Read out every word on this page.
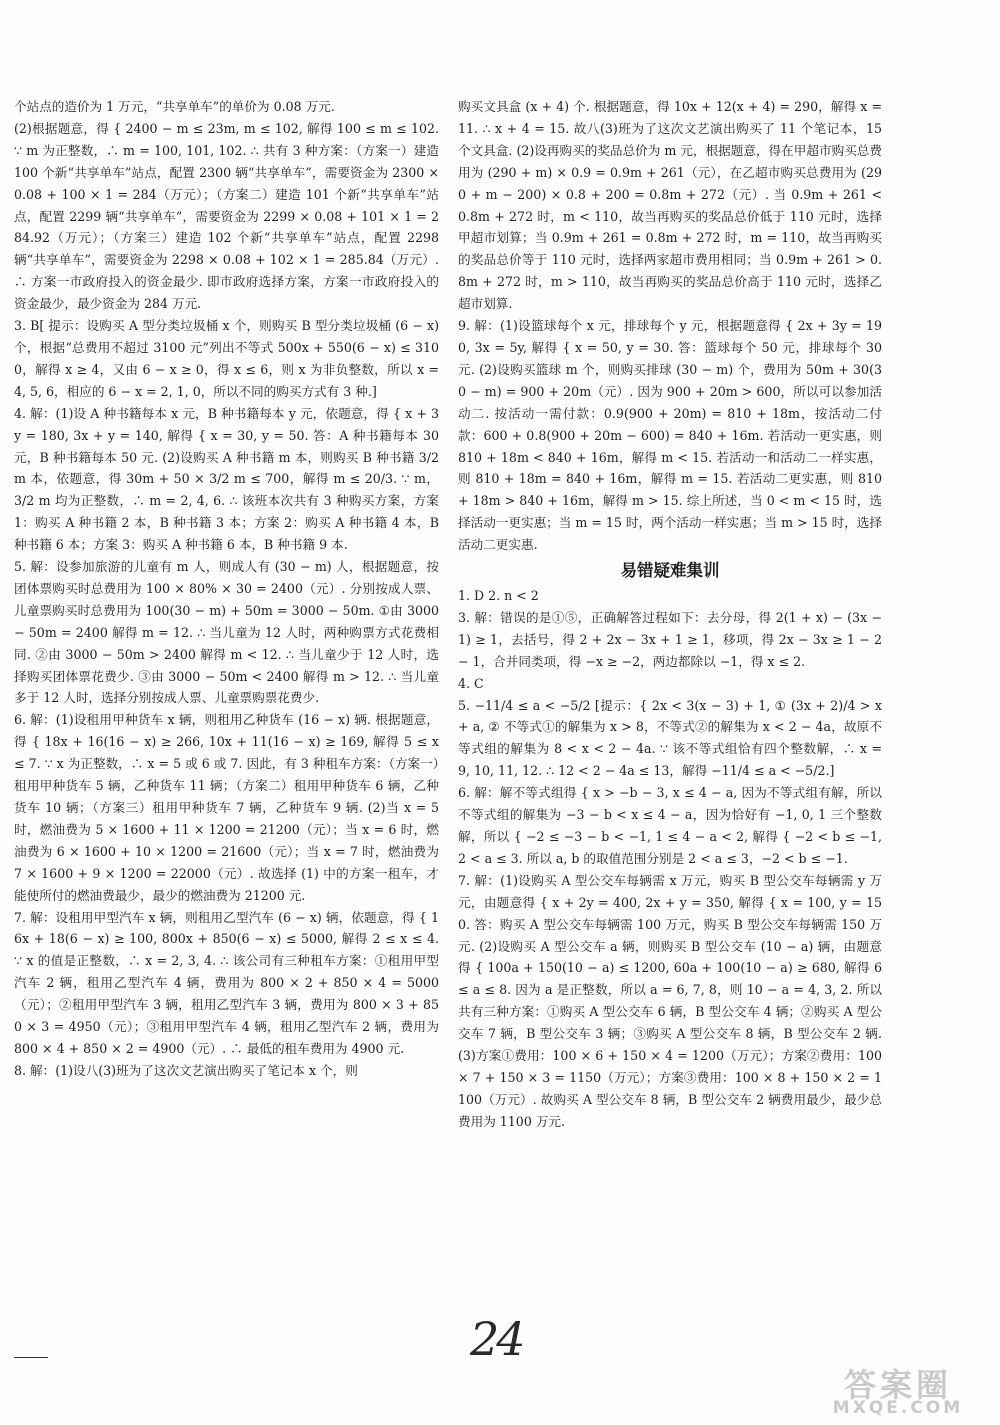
个站点的造价为 1 万元，“共享单车”的单价为 0.08 万元.

(2)根据题意，得 { 2400 − m ≤ 23m, m ≤ 102, 解得 100 ≤ m ≤ 102. ∵ m 为正整数，∴ m = 100, 101, 102. ∴ 共有 3 种方案：（方案一）建造 100 个新“共享单车”站点，配置 2300 辆“共享单车”，需要资金为 2300 × 0.08 + 100 × 1 = 284（万元）；（方案二）建造 101 个新“共享单车”站点，配置 2299 辆“共享单车”，需要资金为 2299 × 0.08 + 101 × 1 = 284.92（万元）；（方案三）建造 102 个新“共享单车”站点，配置 2298 辆“共享单车”，需要资金为 2298 × 0.08 + 102 × 1 = 285.84（万元）. ∴ 方案一市政府投入的资金最少. 即市政府选择方案，方案一市政府投入的资金最少，最少资金为 284 万元.

3. B[ 提示：设购买 A 型分类垃圾桶 x 个，则购买 B 型分类垃圾桶 (6 − x) 个，根据“总费用不超过 3100 元”列出不等式 500x + 550(6 − x) ≤ 3100，解得 x ≥ 4，又由 6 − x ≥ 0，得 x ≤ 6，则 x 为非负整数，所以 x = 4, 5, 6，相应的 6 − x = 2, 1, 0，所以不同的购买方式有 3 种.]

4. 解：(1)设 A 种书籍每本 x 元，B 种书籍每本 y 元，依题意，得 { x + 3y = 180, 3x + y = 140, 解得 { x = 30, y = 50. 答：A 种书籍每本 30 元，B 种书籍每本 50 元. (2)设购买 A 种书籍 m 本，则购买 B 种书籍 3/2 m 本，依题意，得 30m + 50 × 3/2 m ≤ 700，解得 m ≤ 20/3. ∵ m，3/2 m 均为正整数，∴ m = 2, 4, 6. ∴ 该班本次共有 3 种购买方案，方案 1：购买 A 种书籍 2 本，B 种书籍 3 本；方案 2：购买 A 种书籍 4 本，B 种书籍 6 本；方案 3：购买 A 种书籍 6 本，B 种书籍 9 本.

5. 解：设参加旅游的儿童有 m 人，则成人有 (30 − m) 人，根据题意，按团体票购买时总费用为 100 × 80% × 30 = 2400（元）. 分别按成人票、儿童票购买时总费用为 100(30 − m) + 50m = 3000 − 50m. ①由 3000 − 50m = 2400 解得 m = 12. ∴ 当儿童为 12 人时，两种购票方式花费相同. ②由 3000 − 50m > 2400 解得 m < 12. ∴ 当儿童少于 12 人时，选择购买团体票花费少. ③由 3000 − 50m < 2400 解得 m > 12. ∴ 当儿童多于 12 人时，选择分别按成人票、儿童票购票花费少.

6. 解：(1)设租用甲种货车 x 辆，则租用乙种货车 (16 − x) 辆. 根据题意，得 { 18x + 16(16 − x) ≥ 266, 10x + 11(16 − x) ≥ 169, 解得 5 ≤ x ≤ 7. ∵ x 为正整数，∴ x = 5 或 6 或 7. 因此，有 3 种租车方案：（方案一）租用甲种货车 5 辆，乙种货车 11 辆；（方案二）租用甲种货车 6 辆，乙种货车 10 辆；（方案三）租用甲种货车 7 辆，乙种货车 9 辆. (2)当 x = 5 时，燃油费为 5 × 1600 + 11 × 1200 = 21200（元）；当 x = 6 时，燃油费为 6 × 1600 + 10 × 1200 = 21600（元）；当 x = 7 时，燃油费为 7 × 1600 + 9 × 1200 = 22000（元）. 故选择 (1) 中的方案一租车，才能使所付的燃油费最少，最少的燃油费为 21200 元.

7. 解：设租用甲型汽车 x 辆，则租用乙型汽车 (6 − x) 辆，依题意，得 { 16x + 18(6 − x) ≥ 100, 800x + 850(6 − x) ≤ 5000, 解得 2 ≤ x ≤ 4. ∵ x 的值是正整数，∴ x = 2, 3, 4. ∴ 该公司有三种租车方案：①租用甲型汽车 2 辆，租用乙型汽车 4 辆，费用为 800 × 2 + 850 × 4 = 5000（元）；②租用甲型汽车 3 辆，租用乙型汽车 3 辆，费用为 800 × 3 + 850 × 3 = 4950（元）；③租用甲型汽车 4 辆，租用乙型汽车 2 辆，费用为 800 × 4 + 850 × 2 = 4900（元）. ∴ 最低的租车费用为 4900 元.

8. 解：(1)设八(3)班为了这次文艺演出购买了笔记本 x 个，则

购买文具盒 (x + 4) 个. 根据题意，得 10x + 12(x + 4) = 290，解得 x = 11. ∴ x + 4 = 15. 故八(3)班为了这次文艺演出购买了 11 个笔记本，15 个文具盒. (2)设再购买的奖品总价为 m 元，根据题意，得在甲超市购买总费用为 (290 + m) × 0.9 = 0.9m + 261（元），在乙超市购买总费用为 (290 + m − 200) × 0.8 + 200 = 0.8m + 272（元）. 当 0.9m + 261 < 0.8m + 272 时，m < 110，故当再购买的奖品总价低于 110 元时，选择甲超市划算；当 0.9m + 261 = 0.8m + 272 时，m = 110，故当再购买的奖品总价等于 110 元时，选择两家超市费用相同；当 0.9m + 261 > 0.8m + 272 时，m > 110，故当再购买的奖品总价高于 110 元时，选择乙超市划算.

9. 解：(1)设篮球每个 x 元，排球每个 y 元，根据题意得 { 2x + 3y = 190, 3x = 5y, 解得 { x = 50, y = 30. 答：篮球每个 50 元，排球每个 30 元. (2)设购买篮球 m 个，则购买排球 (30 − m) 个，费用为 50m + 30(30 − m) = 900 + 20m（元）. 因为 900 + 20m > 600，所以可以参加活动二. 按活动一需付款：0.9(900 + 20m) = 810 + 18m，按活动二付款：600 + 0.8(900 + 20m − 600) = 840 + 16m. 若活动一更实惠，则 810 + 18m < 840 + 16m，解得 m < 15. 若活动一和活动二一样实惠，则 810 + 18m = 840 + 16m，解得 m = 15. 若活动二更实惠，则 810 + 18m > 840 + 16m，解得 m > 15. 综上所述，当 0 < m < 15 时，选择活动一更实惠；当 m = 15 时，两个活动一样实惠；当 m > 15 时，选择活动二更实惠.

易错疑难集训

1. D 2. n < 2

3. 解：错误的是①⑤，正确解答过程如下：去分母，得 2(1 + x) − (3x − 1) ≥ 1，去括号，得 2 + 2x − 3x + 1 ≥ 1，移项，得 2x − 3x ≥ 1 − 2 − 1，合并同类项，得 −x ≥ −2，两边都除以 −1，得 x ≤ 2.

4. C

5. −11/4 ≤ a < −5/2 [提示：{ 2x < 3(x − 3) + 1, ① (3x + 2)/4 > x + a, ② 不等式①的解集为 x > 8，不等式②的解集为 x < 2 − 4a，故原不等式组的解集为 8 < x < 2 − 4a. ∵ 该不等式组恰有四个整数解，∴ x = 9, 10, 11, 12. ∴ 12 < 2 − 4a ≤ 13，解得 −11/4 ≤ a < −5/2.]

6. 解：解不等式组得 { x > −b − 3, x ≤ 4 − a, 因为不等式组有解，所以不等式组的解集为 −3 − b < x ≤ 4 − a，因为恰好有 −1, 0, 1 三个整数解，所以 { −2 ≤ −3 − b < −1, 1 ≤ 4 − a < 2, 解得 { −2 < b ≤ −1, 2 < a ≤ 3. 所以 a, b 的取值范围分别是 2 < a ≤ 3，−2 < b ≤ −1.

7. 解：(1)设购买 A 型公交车每辆需 x 万元，购买 B 型公交车每辆需 y 万元，由题意得 { x + 2y = 400, 2x + y = 350, 解得 { x = 100, y = 150. 答：购买 A 型公交车每辆需 100 万元，购买 B 型公交车每辆需 150 万元. (2)设购买 A 型公交车 a 辆，则购买 B 型公交车 (10 − a) 辆，由题意得 { 100a + 150(10 − a) ≤ 1200, 60a + 100(10 − a) ≥ 680, 解得 6 ≤ a ≤ 8. 因为 a 是正整数，所以 a = 6, 7, 8，则 10 − a = 4, 3, 2. 所以共有三种方案：①购买 A 型公交车 6 辆，B 型公交车 4 辆；②购买 A 型公交车 7 辆，B 型公交车 3 辆；③购买 A 型公交车 8 辆，B 型公交车 2 辆. (3)方案①费用：100 × 6 + 150 × 4 = 1200（万元）；方案②费用：100 × 7 + 150 × 3 = 1150（万元）；方案③费用：100 × 8 + 150 × 2 = 1100（万元）. 故购买 A 型公交车 8 辆，B 型公交车 2 辆费用最少，最少总费用为 1100 万元.

24
答案圈
MXQE.COM
